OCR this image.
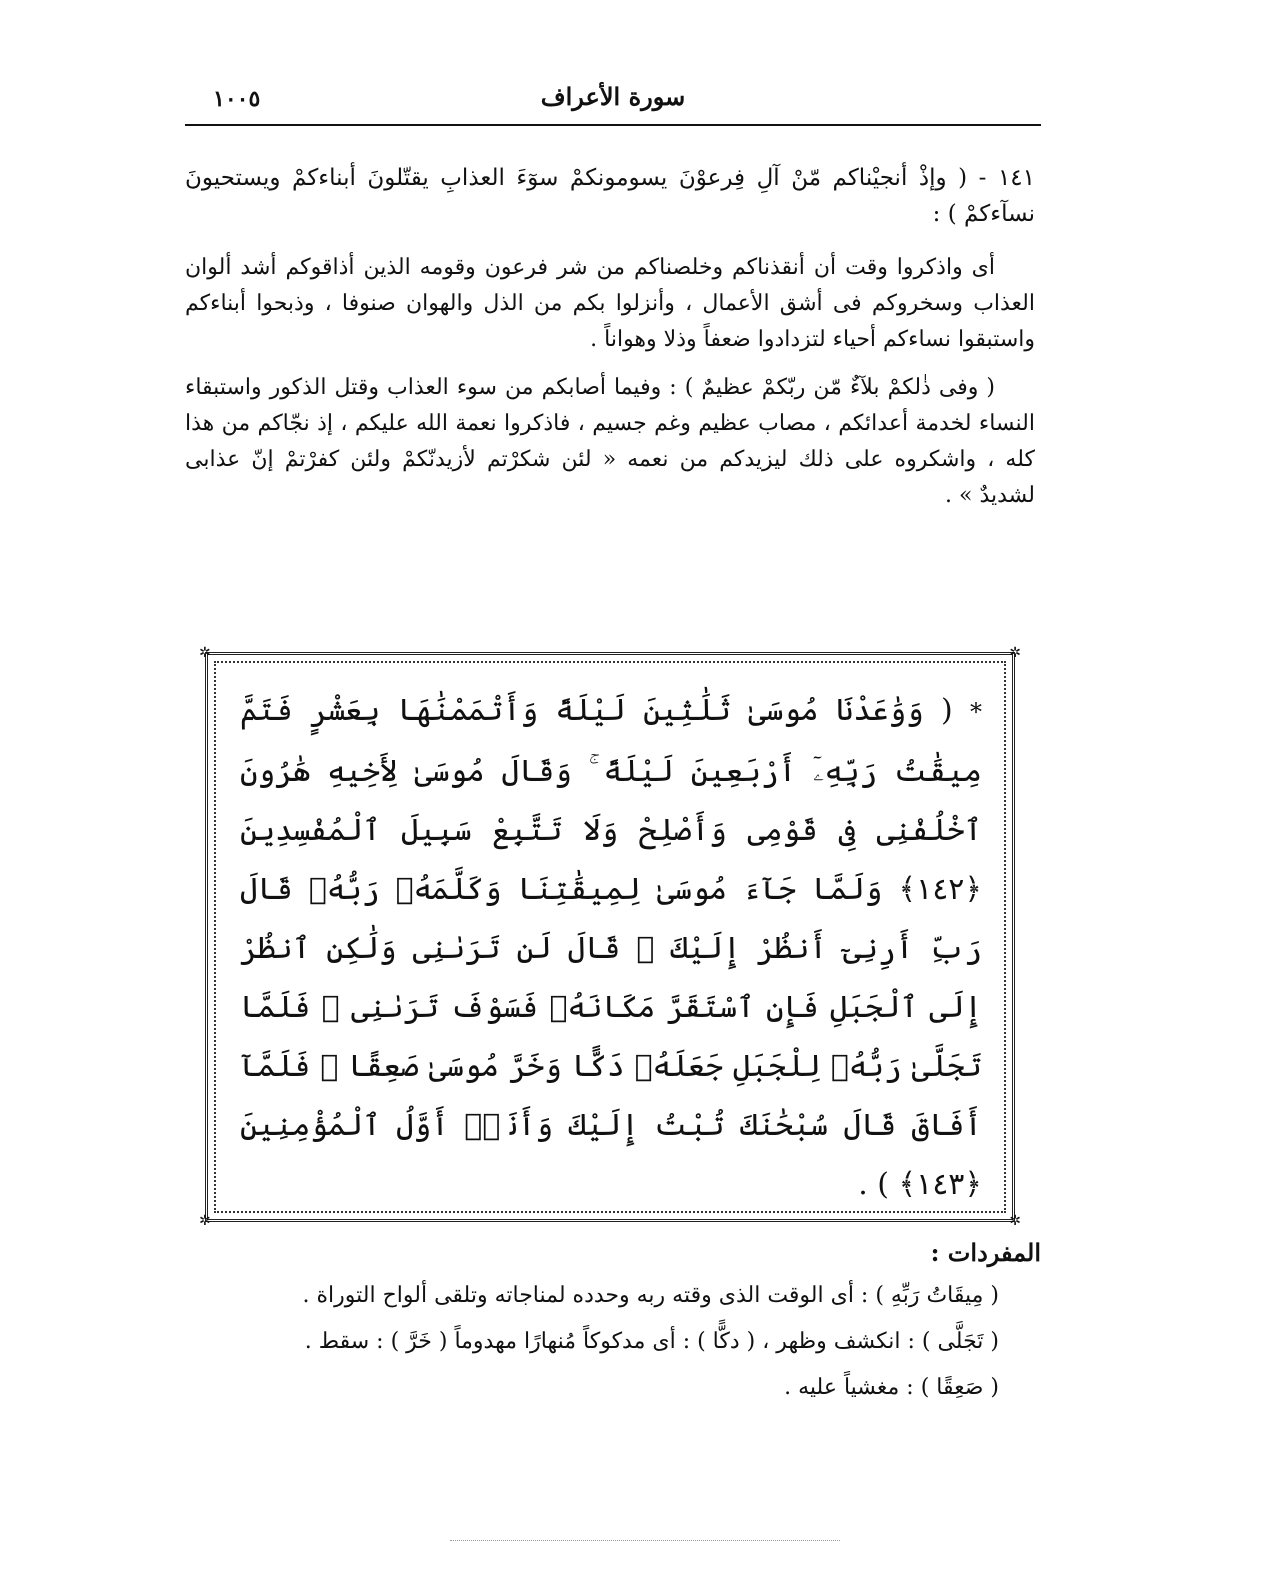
١٠٠٥	سورة الأعراف

١٤١ - ( وإذْ أنجيْناكم مّنْ آلِ فِرعوْنَ يسومونكمْ سوٓءَ العذابِ يقتّلونَ أبناءكمْ ويستحيونَ نسآءكمْ ) :

أى واذكروا وقت أن أنقذناكم وخلصناكم من شر فرعون وقومه الذين أذاقوكم أشد ألوان العذاب وسخروكم فى أشق الأعمال ، وأنزلوا بكم من الذل والهوان صنوفا ، وذبحوا أبناءكم واستبقوا نساءكم أحياء لتزدادوا ضعفاً وذلا وهواناً .

( وفى ذٰلكمْ بلآءٌ مّن ربّكمْ عظيمٌ ) : وفيما أصابكم من سوء العذاب وقتل الذكور واستبقاء النساء لخدمة أعدائكم ، مصاب عظيم وغم جسيم ، فاذكروا نعمة الله عليكم ، إذ نجّاكم من هذا كله ، واشكروه على ذلك ليزيدكم من نعمه « لئن شكرْتم لأزيدنّكمْ ولئن كفرْتمْ إنّ عذابى لشديدٌ » .

✲	✲
✲	✲
* ( وَوَٰعَدْنَا مُوسَىٰ ثَلَٰثِينَ لَيْلَةً وَأَتْمَمْنَٰهَا بِعَشْرٍ فَتَمَّ مِيقَٰتُ رَبِّهِۦٓ أَرْبَعِينَ لَيْلَةً ۚ وَقَالَ مُوسَىٰ لِأَخِيهِ هَٰرُونَ ٱخْلُفْنِى فِى قَوْمِى وَأَصْلِحْ وَلَا تَتَّبِعْ سَبِيلَ ٱلْمُفْسِدِينَ ﴿١٤٢﴾ وَلَمَّا جَآءَ مُوسَىٰ لِمِيقَٰتِنَا وَكَلَّمَهُۥ رَبُّهُۥ قَالَ رَبِّ أَرِنِىٓ أَنظُرْ إِلَيْكَ ۚ قَالَ لَن تَرَىٰنِى وَلَٰكِنِ ٱنظُرْ إِلَى ٱلْجَبَلِ فَإِنِ ٱسْتَقَرَّ مَكَانَهُۥ فَسَوْفَ تَرَىٰنِى ۚ فَلَمَّا تَجَلَّىٰ رَبُّهُۥ لِلْجَبَلِ جَعَلَهُۥ دَكًّا وَخَرَّ مُوسَىٰ صَعِقًا ۚ فَلَمَّآ أَفَاقَ قَالَ سُبْحَٰنَكَ تُبْتُ إِلَيْكَ وَأَنَا۠ أَوَّلُ ٱلْمُؤْمِنِينَ ﴿١٤٣﴾ ) .

المفردات :

( مِيقَاتُ رَبِّهِ ) : أى الوقت الذى وقته ربه وحدده لمناجاته وتلقى ألواح التوراة .

( تَجَلَّى ) : انكشف وظهر ، ( دكًّا ) : أى مدكوكاً مُنهارًا مهدوماً ( خَرَّ ) : سقط .

( صَعِقًا ) : مغشياً عليه .
